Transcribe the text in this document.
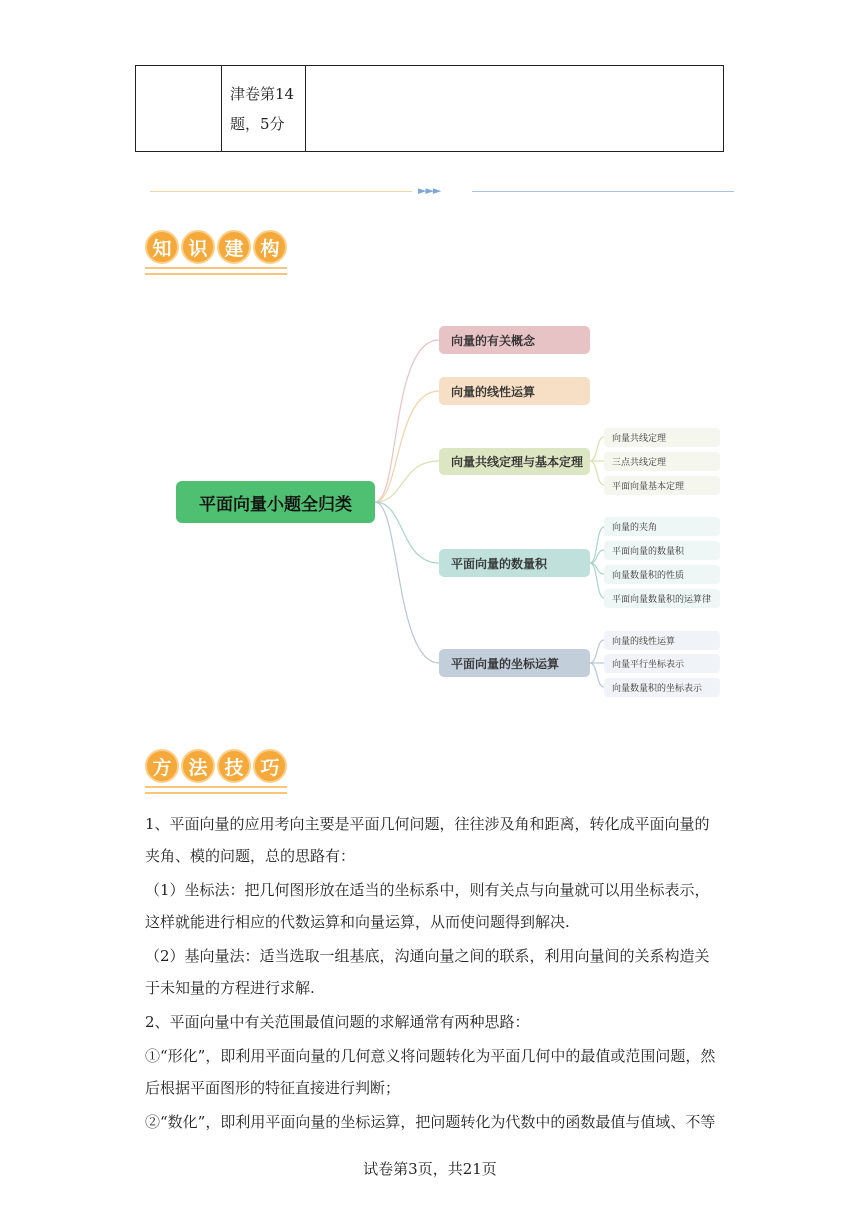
	津卷第14题，5分	
►►►
知 识 建 构
平面向量小题全归类
向量的有关概念
向量的线性运算
向量共线定理与基本定理
平面向量的数量积
平面向量的坐标运算
向量共线定理
三点共线定理
平面向量基本定理
向量的夹角
平面向量的数量积
向量数量积的性质
平面向量数量积的运算律
向量的线性运算
向量平行坐标表示
向量数量积的坐标表示
方 法 技 巧
1、平面向量的应用考向主要是平面几何问题，往往涉及角和距离，转化成平面向量的
夹角、模的问题，总的思路有：
（1）坐标法：把几何图形放在适当的坐标系中，则有关点与向量就可以用坐标表示，
这样就能进行相应的代数运算和向量运算，从而使问题得到解决.
（2）基向量法：适当选取一组基底，沟通向量之间的联系，利用向量间的关系构造关
于未知量的方程进行求解.
2、平面向量中有关范围最值问题的求解通常有两种思路：
①“形化”，即利用平面向量的几何意义将问题转化为平面几何中的最值或范围问题，然
后根据平面图形的特征直接进行判断；
②“数化”，即利用平面向量的坐标运算，把问题转化为代数中的函数最值与值域、不等
试卷第3页，共21页
